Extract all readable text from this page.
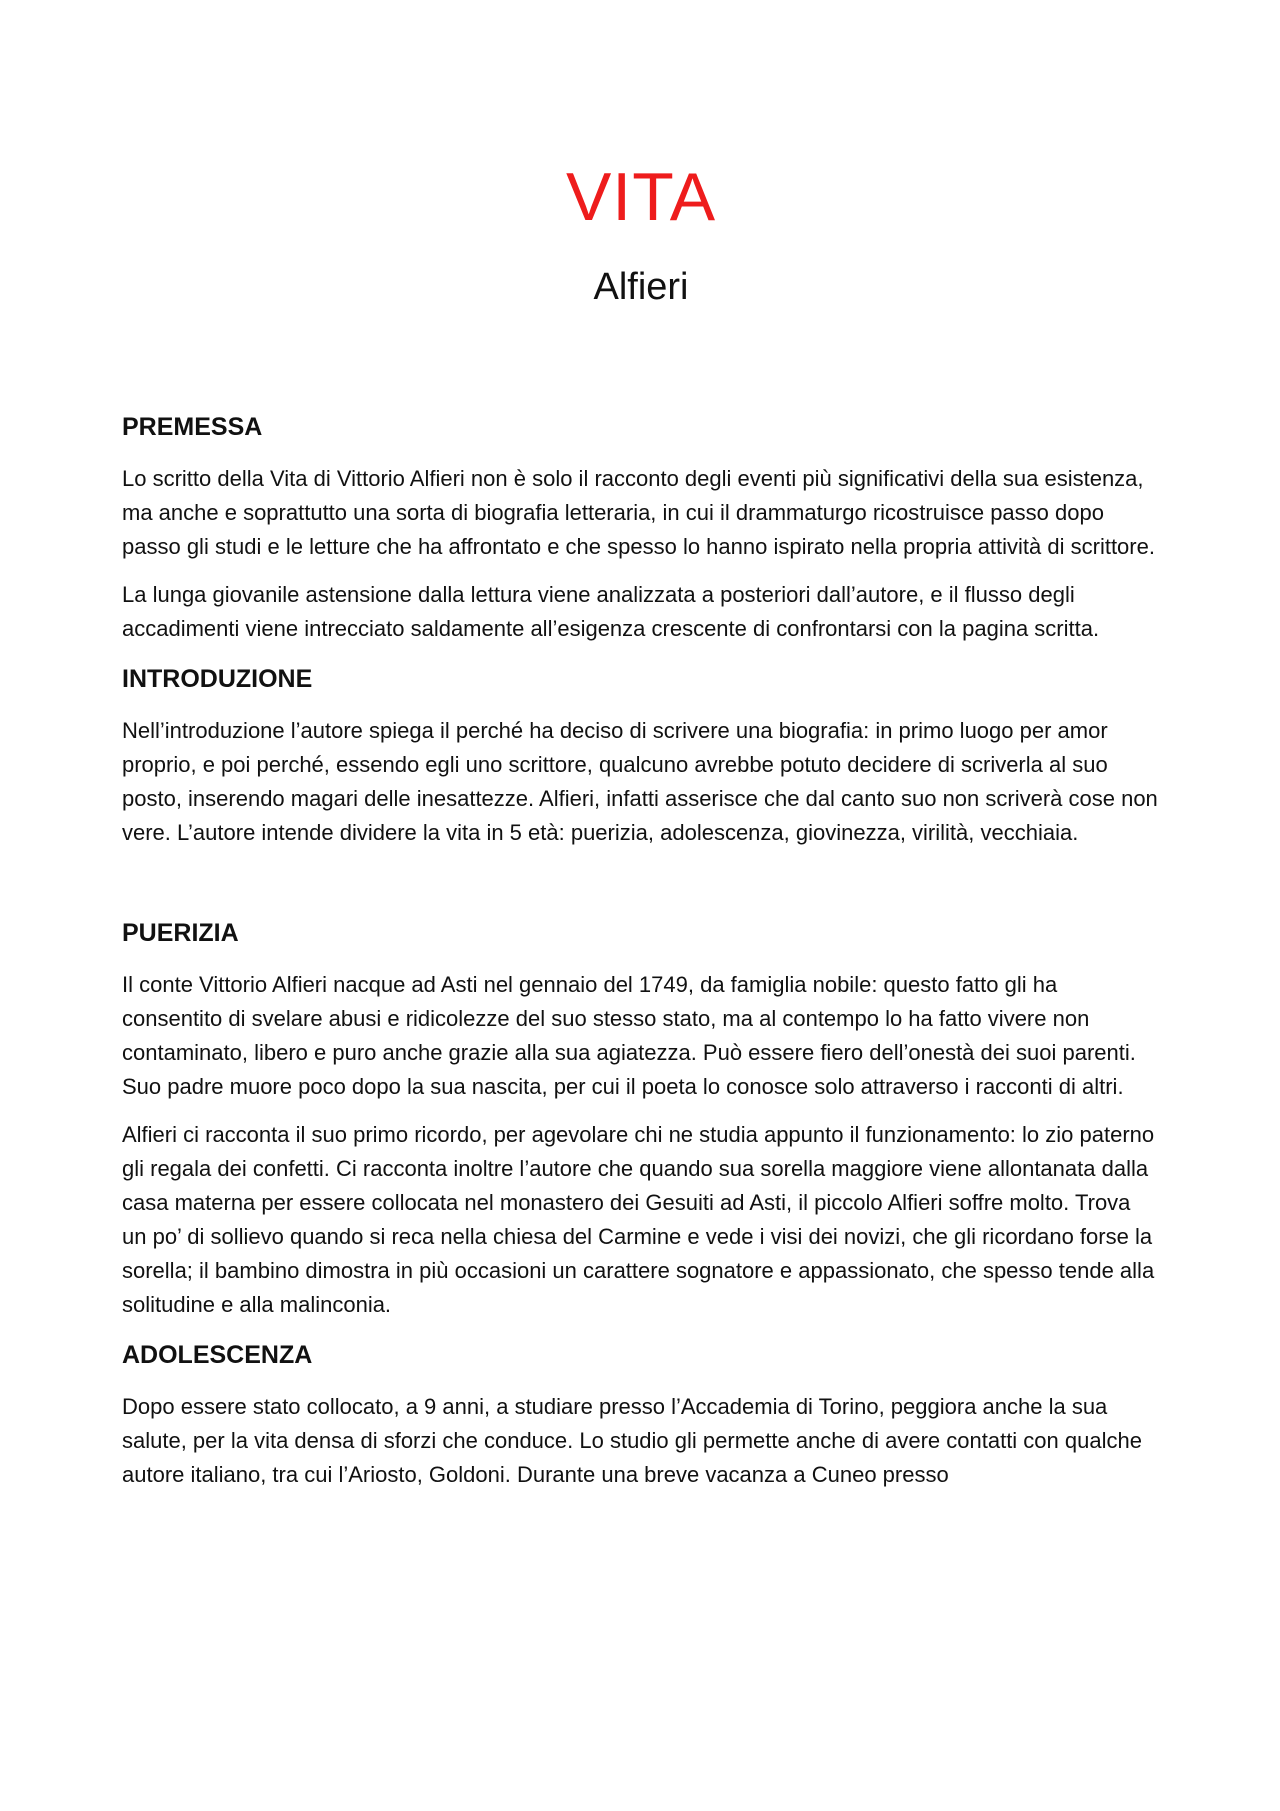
VITA
Alfieri
PREMESSA

Lo scritto della Vita di Vittorio Alfieri non è solo il racconto degli eventi più significativi della sua esistenza, ma anche e soprattutto una sorta di biografia letteraria, in cui il drammaturgo ricostruisce passo dopo passo gli studi e le letture che ha affrontato e che spesso lo hanno ispirato nella propria attività di scrittore.

La lunga giovanile astensione dalla lettura viene analizzata a posteriori dall’autore, e il flusso degli accadimenti viene intrecciato saldamente all’esigenza crescente di confrontarsi con la pagina scritta.

INTRODUZIONE

Nell’introduzione l’autore spiega il perché ha deciso di scrivere una biografia: in primo luogo per amor proprio, e poi perché, essendo egli uno scrittore, qualcuno avrebbe potuto decidere di scriverla al suo posto, inserendo magari delle inesattezze. Alfieri, infatti asserisce che dal canto suo non scriverà cose non vere. L’autore intende dividere la vita in 5 età: puerizia, adolescenza, giovinezza, virilità, vecchiaia.

PUERIZIA

Il conte Vittorio Alfieri nacque ad Asti nel gennaio del 1749, da famiglia nobile: questo fatto gli ha consentito di svelare abusi e ridicolezze del suo stesso stato, ma al contempo lo ha fatto vivere non contaminato, libero e puro anche grazie alla sua agiatezza. Può essere fiero dell’onestà dei suoi parenti. Suo padre muore poco dopo la sua nascita, per cui il poeta lo conosce solo attraverso i racconti di altri.

Alfieri ci racconta il suo primo ricordo, per agevolare chi ne studia appunto il funzionamento: lo zio paterno gli regala dei confetti. Ci racconta inoltre l’autore che quando sua sorella maggiore viene allontanata dalla casa materna per essere collocata nel monastero dei Gesuiti ad Asti, il piccolo Alfieri soffre molto. Trova un po’ di sollievo quando si reca nella chiesa del Carmine e vede i visi dei novizi, che gli ricordano forse la sorella; il bambino dimostra in più occasioni un carattere sognatore e appassionato, che spesso tende alla solitudine e alla malinconia.

ADOLESCENZA

Dopo essere stato collocato, a 9 anni, a studiare presso l’Accademia di Torino, peggiora anche la sua salute, per la vita densa di sforzi che conduce. Lo studio gli permette anche di avere contatti con qualche autore italiano, tra cui l’Ariosto, Goldoni. Durante una breve vacanza a Cuneo presso
